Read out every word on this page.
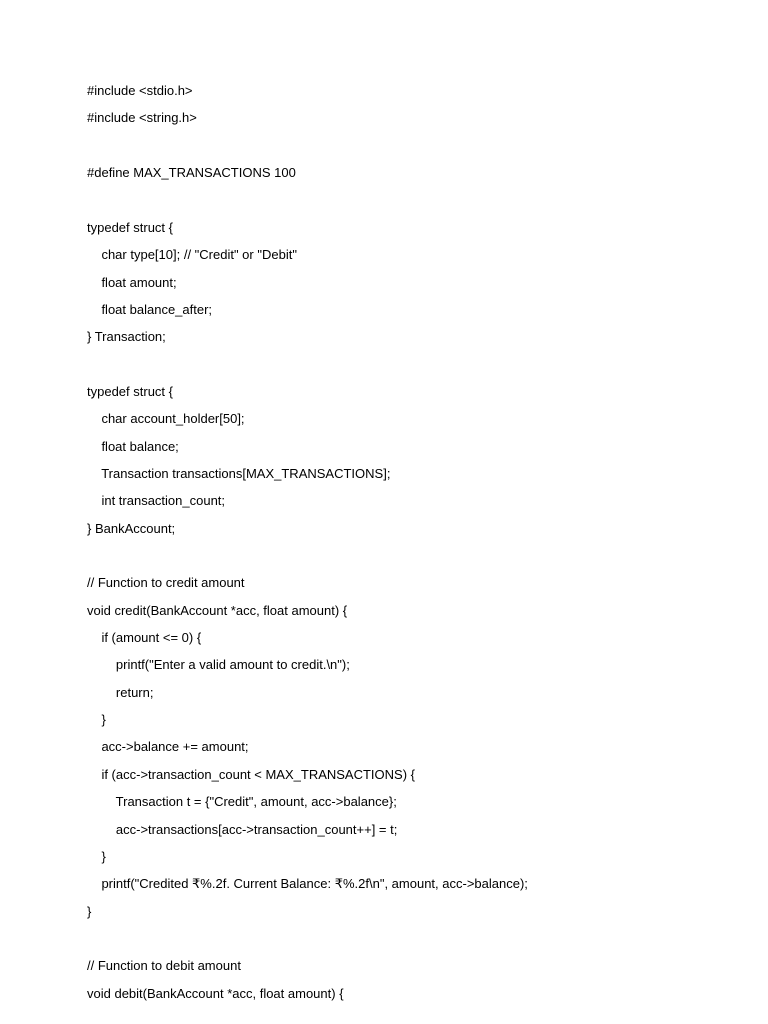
#include <stdio.h>
#include <string.h>
#define MAX_TRANSACTIONS 100
typedef struct {
char type[10]; // "Credit" or "Debit"
float amount;
float balance_after;
} Transaction;
typedef struct {
char account_holder[50];
float balance;
Transaction transactions[MAX_TRANSACTIONS];
int transaction_count;
} BankAccount;
// Function to credit amount
void credit(BankAccount *acc, float amount) {
if (amount <= 0) {
printf("Enter a valid amount to credit.\n");
return;
}
acc->balance += amount;
if (acc->transaction_count < MAX_TRANSACTIONS) {
Transaction t = {"Credit", amount, acc->balance};
acc->transactions[acc->transaction_count++] = t;
}
printf("Credited ₹%.2f. Current Balance: ₹%.2f\n", amount, acc->balance);
}
// Function to debit amount
void debit(BankAccount *acc, float amount) {
